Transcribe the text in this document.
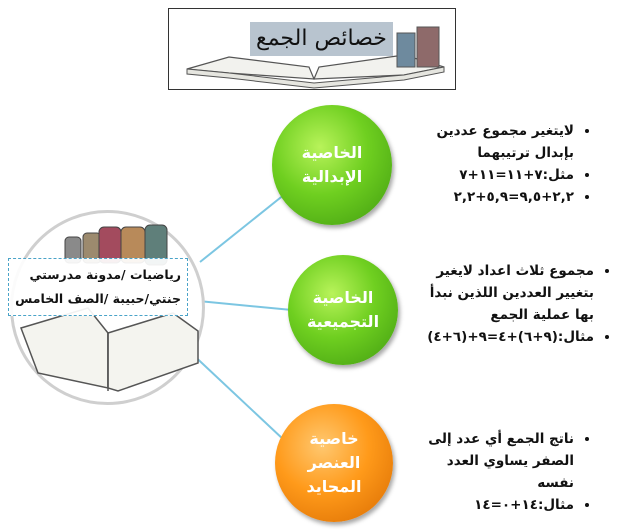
خصائص الجمع
رياضيات /مدونة مدرستي
جنتي/حبيبة /الصف الخامس
الخاصية
الإبدالية
الخاصية
التجميعية
خاصية
العنصر
المحايد
• لايتغير مجموع عددين بإبدال ترتيبهما
• مثل:٧+١١=١١+٧
• ٢,٢+٩,٥=٥,٩+٢,٢
• مجموع ثلاث اعداد لايغير بتغيير العددين اللذين نبدأ بها عملية الجمع
• مثال:(٩+٦)+٤=٩+(٦+٤)
• ناتج الجمع أي عدد إلى الصفر يساوي العدد نفسه
• مثال:١٤+٠=١٤
